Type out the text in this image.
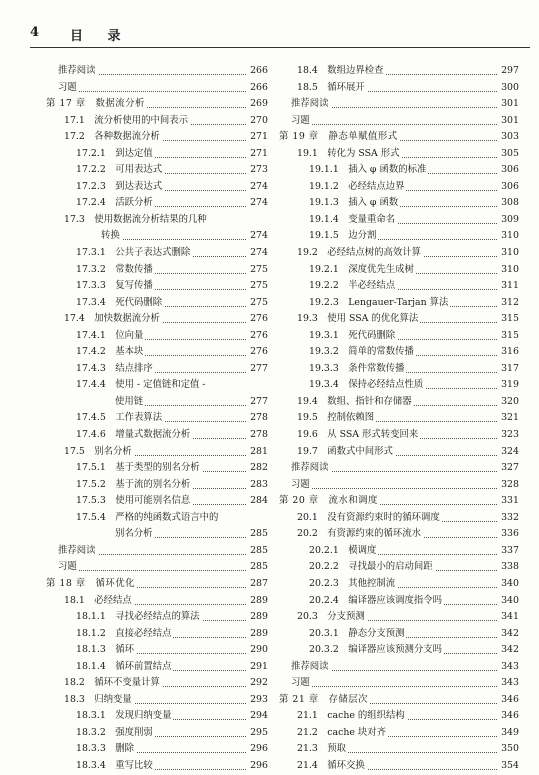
4 目 录
推荐阅读	266
习题	266
第 17 章　数据流分析	269
17.1　流分析使用的中间表示	270
17.2　各种数据流分析	271
17.2.1　到达定值	271
17.2.2　可用表达式	273
17.2.3　到达表达式	274
17.2.4　活跃分析	274
17.3　使用数据流分析结果的几种
转换	274
17.3.1　公共子表达式删除	274
17.3.2　常数传播	275
17.3.3　复写传播	275
17.3.4　死代码删除	275
17.4　加快数据流分析	276
17.4.1　位向量	276
17.4.2　基本块	276
17.4.3　结点排序	277
17.4.4　使用 - 定值链和定值 -
使用链	277
17.4.5　工作表算法	278
17.4.6　增量式数据流分析	278
17.5　别名分析	281
17.5.1　基于类型的别名分析	282
17.5.2　基于流的别名分析	283
17.5.3　使用可能别名信息	284
17.5.4　严格的纯函数式语言中的
别名分析	285
推荐阅读	285
习题	285
第 18 章　循环优化	287
18.1　必经结点	289
18.1.1　寻找必经结点的算法	289
18.1.2　直接必经结点	289
18.1.3　循环	290
18.1.4　循环前置结点	291
18.2　循环不变量计算	292
18.3　归纳变量	293
18.3.1　发现归纳变量	294
18.3.2　强度削弱	295
18.3.3　删除	296
18.3.4　重写比较	296
18.4　数组边界检查	297
18.5　循环展开	300
推荐阅读	301
习题	301
第 19 章　静态单赋值形式	303
19.1　转化为 SSA 形式	305
19.1.1　插入 φ 函数的标准	306
19.1.2　必经结点边界	306
19.1.3　插入 φ 函数	308
19.1.4　变量重命名	309
19.1.5　边分割	310
19.2　必经结点树的高效计算	310
19.2.1　深度优先生成树	310
19.2.2　半必经结点	311
19.2.3　Lengauer-Tarjan 算法	312
19.3　使用 SSA 的优化算法	315
19.3.1　死代码删除	315
19.3.2　简单的常数传播	316
19.3.3　条件常数传播	317
19.3.4　保持必经结点性质	319
19.4　数组、指针和存储器	320
19.5　控制依赖图	321
19.6　从 SSA 形式转变回来	323
19.7　函数式中间形式	324
推荐阅读	327
习题	328
第 20 章　流水和调度	331
20.1　没有资源约束时的循环调度	332
20.2　有资源约束的循环流水	336
20.2.1　模调度	337
20.2.2　寻找最小的启动间距	338
20.2.3　其他控制流	340
20.2.4　编译器应该调度指令吗	340
20.3　分支预测	341
20.3.1　静态分支预测	342
20.3.2　编译器应该预测分支吗	342
推荐阅读	343
习题	343
第 21 章　存储层次	346
21.1　cache 的组织结构	346
21.2　cache 块对齐	349
21.3　预取	350
21.4　循环交换	354
